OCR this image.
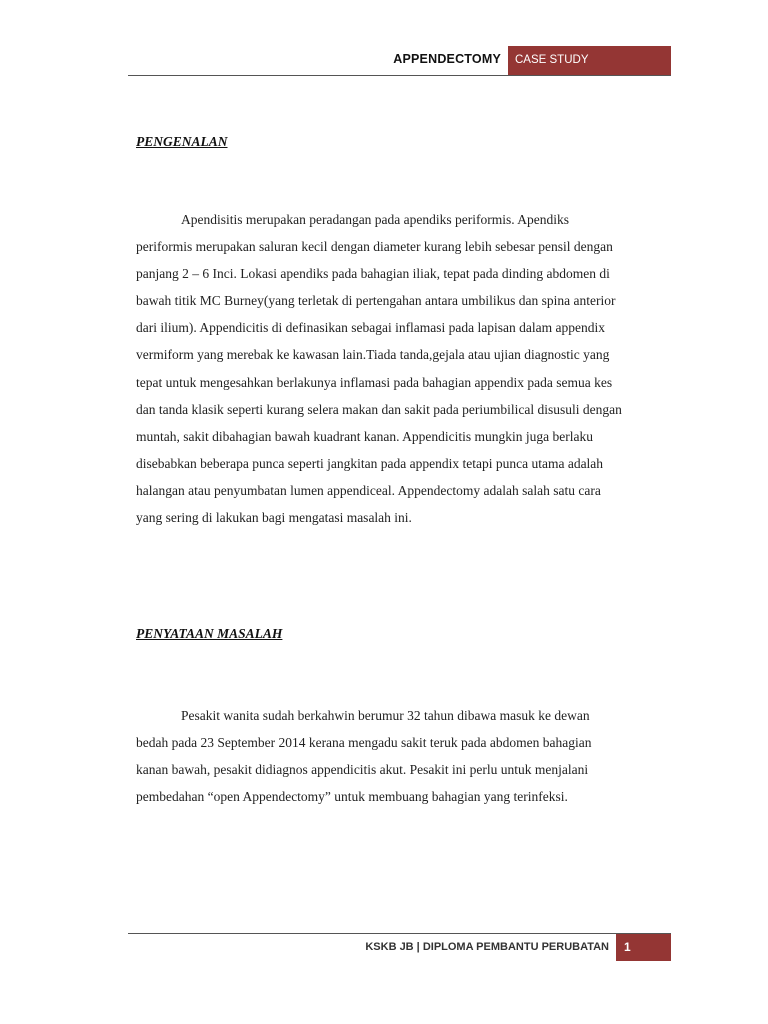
APPENDECTOMY	CASE STUDY
PENGENALAN
Apendisitis merupakan peradangan pada apendiks periformis. Apendiks
periformis merupakan saluran kecil dengan diameter kurang lebih sebesar pensil dengan
panjang 2 – 6 Inci. Lokasi apendiks pada bahagian iliak, tepat pada dinding abdomen di
bawah titik MC Burney(yang terletak di pertengahan antara umbilikus dan spina anterior
dari ilium). Appendicitis di definasikan sebagai inflamasi pada lapisan dalam appendix
vermiform yang merebak ke kawasan lain.Tiada tanda,gejala atau ujian diagnostic yang
tepat untuk mengesahkan berlakunya inflamasi pada bahagian appendix pada semua kes
dan tanda klasik seperti kurang selera makan dan sakit pada periumbilical disusuli dengan
muntah, sakit dibahagian bawah kuadrant kanan. Appendicitis mungkin juga berlaku
disebabkan beberapa punca seperti jangkitan pada appendix tetapi punca utama adalah
halangan atau penyumbatan lumen appendiceal. Appendectomy adalah salah satu cara
yang sering di lakukan bagi mengatasi masalah ini.
PENYATAAN MASALAH
Pesakit wanita sudah berkahwin berumur 32 tahun dibawa masuk ke dewan
bedah pada 23 September 2014 kerana mengadu sakit teruk pada abdomen bahagian
kanan bawah, pesakit didiagnos appendicitis akut. Pesakit ini perlu untuk menjalani
pembedahan “open Appendectomy” untuk membuang bahagian yang terinfeksi.
KSKB JB | DIPLOMA PEMBANTU PERUBATAN	1
